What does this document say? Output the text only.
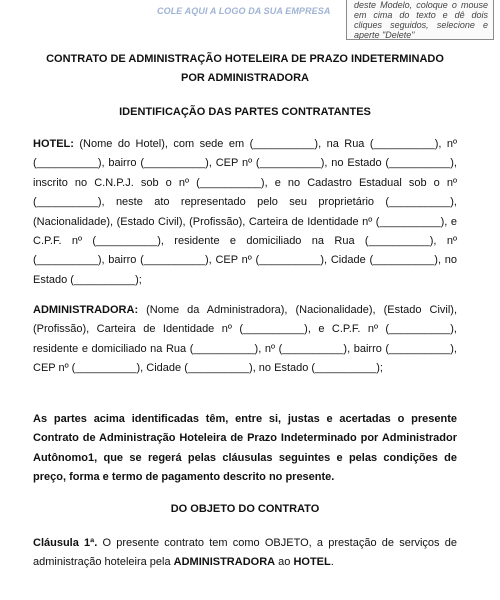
COLE AQUI A LOGO DA SUA EMPRESA
deste Modelo, coloque o mouse em cima do texto e dê dois cliques seguidos, selecione e aperte "Delete"
CONTRATO DE ADMINISTRAÇÃO HOTELEIRA DE PRAZO INDETERMINADO
POR ADMINISTRADORA
IDENTIFICAÇÃO DAS PARTES CONTRATANTES
HOTEL: (Nome do Hotel), com sede em (__________), na Rua (__________), nº (__________), bairro (__________), CEP nº (__________), no Estado (__________), inscrito no C.N.P.J. sob o nº (__________), e no Cadastro Estadual sob o nº (__________), neste ato representado pelo seu proprietário (__________), (Nacionalidade), (Estado Civil), (Profissão), Carteira de Identidade nº (__________), e C.P.F. nº (__________), residente e domiciliado na Rua (__________), nº (__________), bairro (__________), CEP nº (__________), Cidade (__________), no Estado (__________);
ADMINISTRADORA: (Nome da Administradora), (Nacionalidade), (Estado Civil), (Profissão), Carteira de Identidade nº (__________), e C.P.F. nº (__________), residente e domiciliado na Rua (__________), nº (__________), bairro (__________), CEP nº (__________), Cidade (__________), no Estado (__________);
As partes acima identificadas têm, entre si, justas e acertadas o presente Contrato de Administração Hoteleira de Prazo Indeterminado por Administrador Autônomo1, que se regerá pelas cláusulas seguintes e pelas condições de preço, forma e termo de pagamento descrito no presente.
DO OBJETO DO CONTRATO
Cláusula 1ª. O presente contrato tem como OBJETO, a prestação de serviços de administração hoteleira pela ADMINISTRADORA ao HOTEL.
